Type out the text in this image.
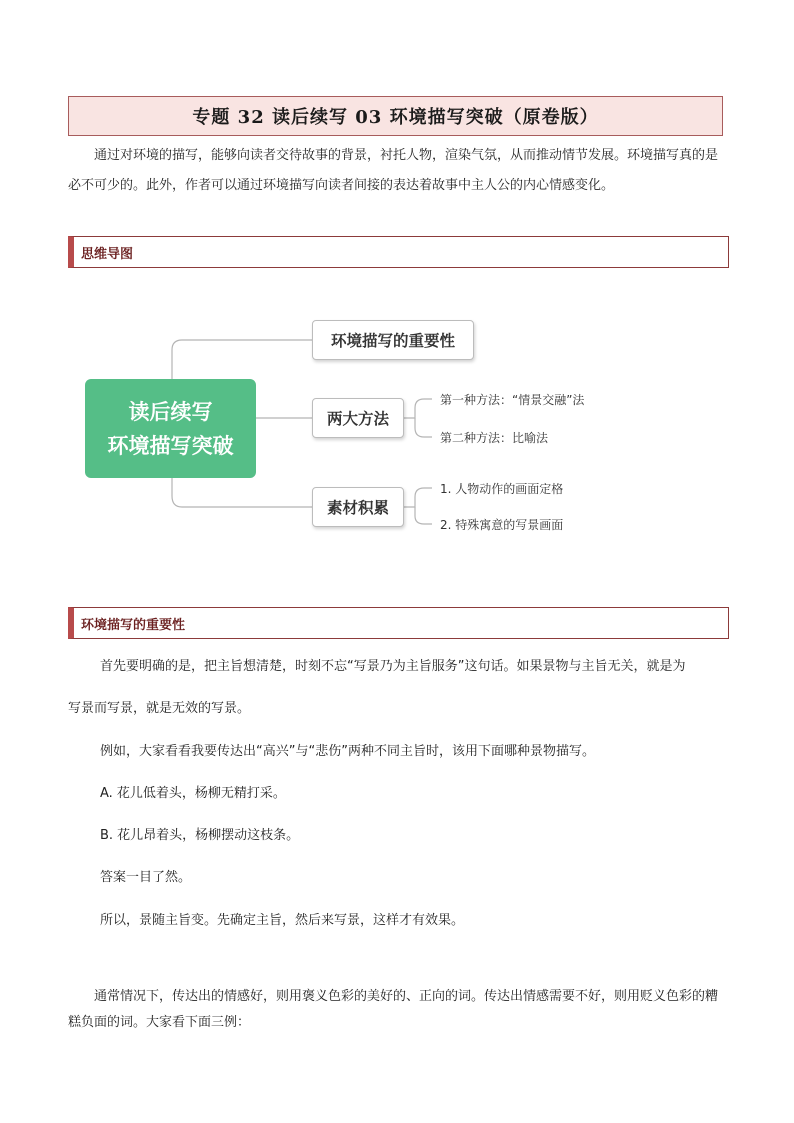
专题 32 读后续写 03 环境描写突破（原卷版）

通过对环境的描写，能够向读者交待故事的背景，衬托人物，渲染气氛，从而推动情节发展。环境描写真的是必不可少的。此外，作者可以通过环境描写向读者间接的表达着故事中主人公的内心情感变化。

思维导图
读后续写
环境描写突破
环境描写的重要性
两大方法
素材积累
第一种方法：“情景交融”法
第二种方法：比喻法
1. 人物动作的画面定格
2. 特殊寓意的写景画面
环境描写的重要性
首先要明确的是，把主旨想清楚，时刻不忘“写景乃为主旨服务”这句话。如果景物与主旨无关，就是为
写景而写景，就是无效的写景。
例如，大家看看我要传达出“高兴”与“悲伤”两种不同主旨时，该用下面哪种景物描写。
A. 花儿低着头，杨柳无精打采。
B. 花儿昂着头，杨柳摆动这枝条。
答案一目了然。
所以，景随主旨变。先确定主旨，然后来写景，这样才有效果。

通常情况下，传达出的情感好，则用褒义色彩的美好的、正向的词。传达出情感需要不好，则用贬义色彩的糟糕负面的词。大家看下面三例：
